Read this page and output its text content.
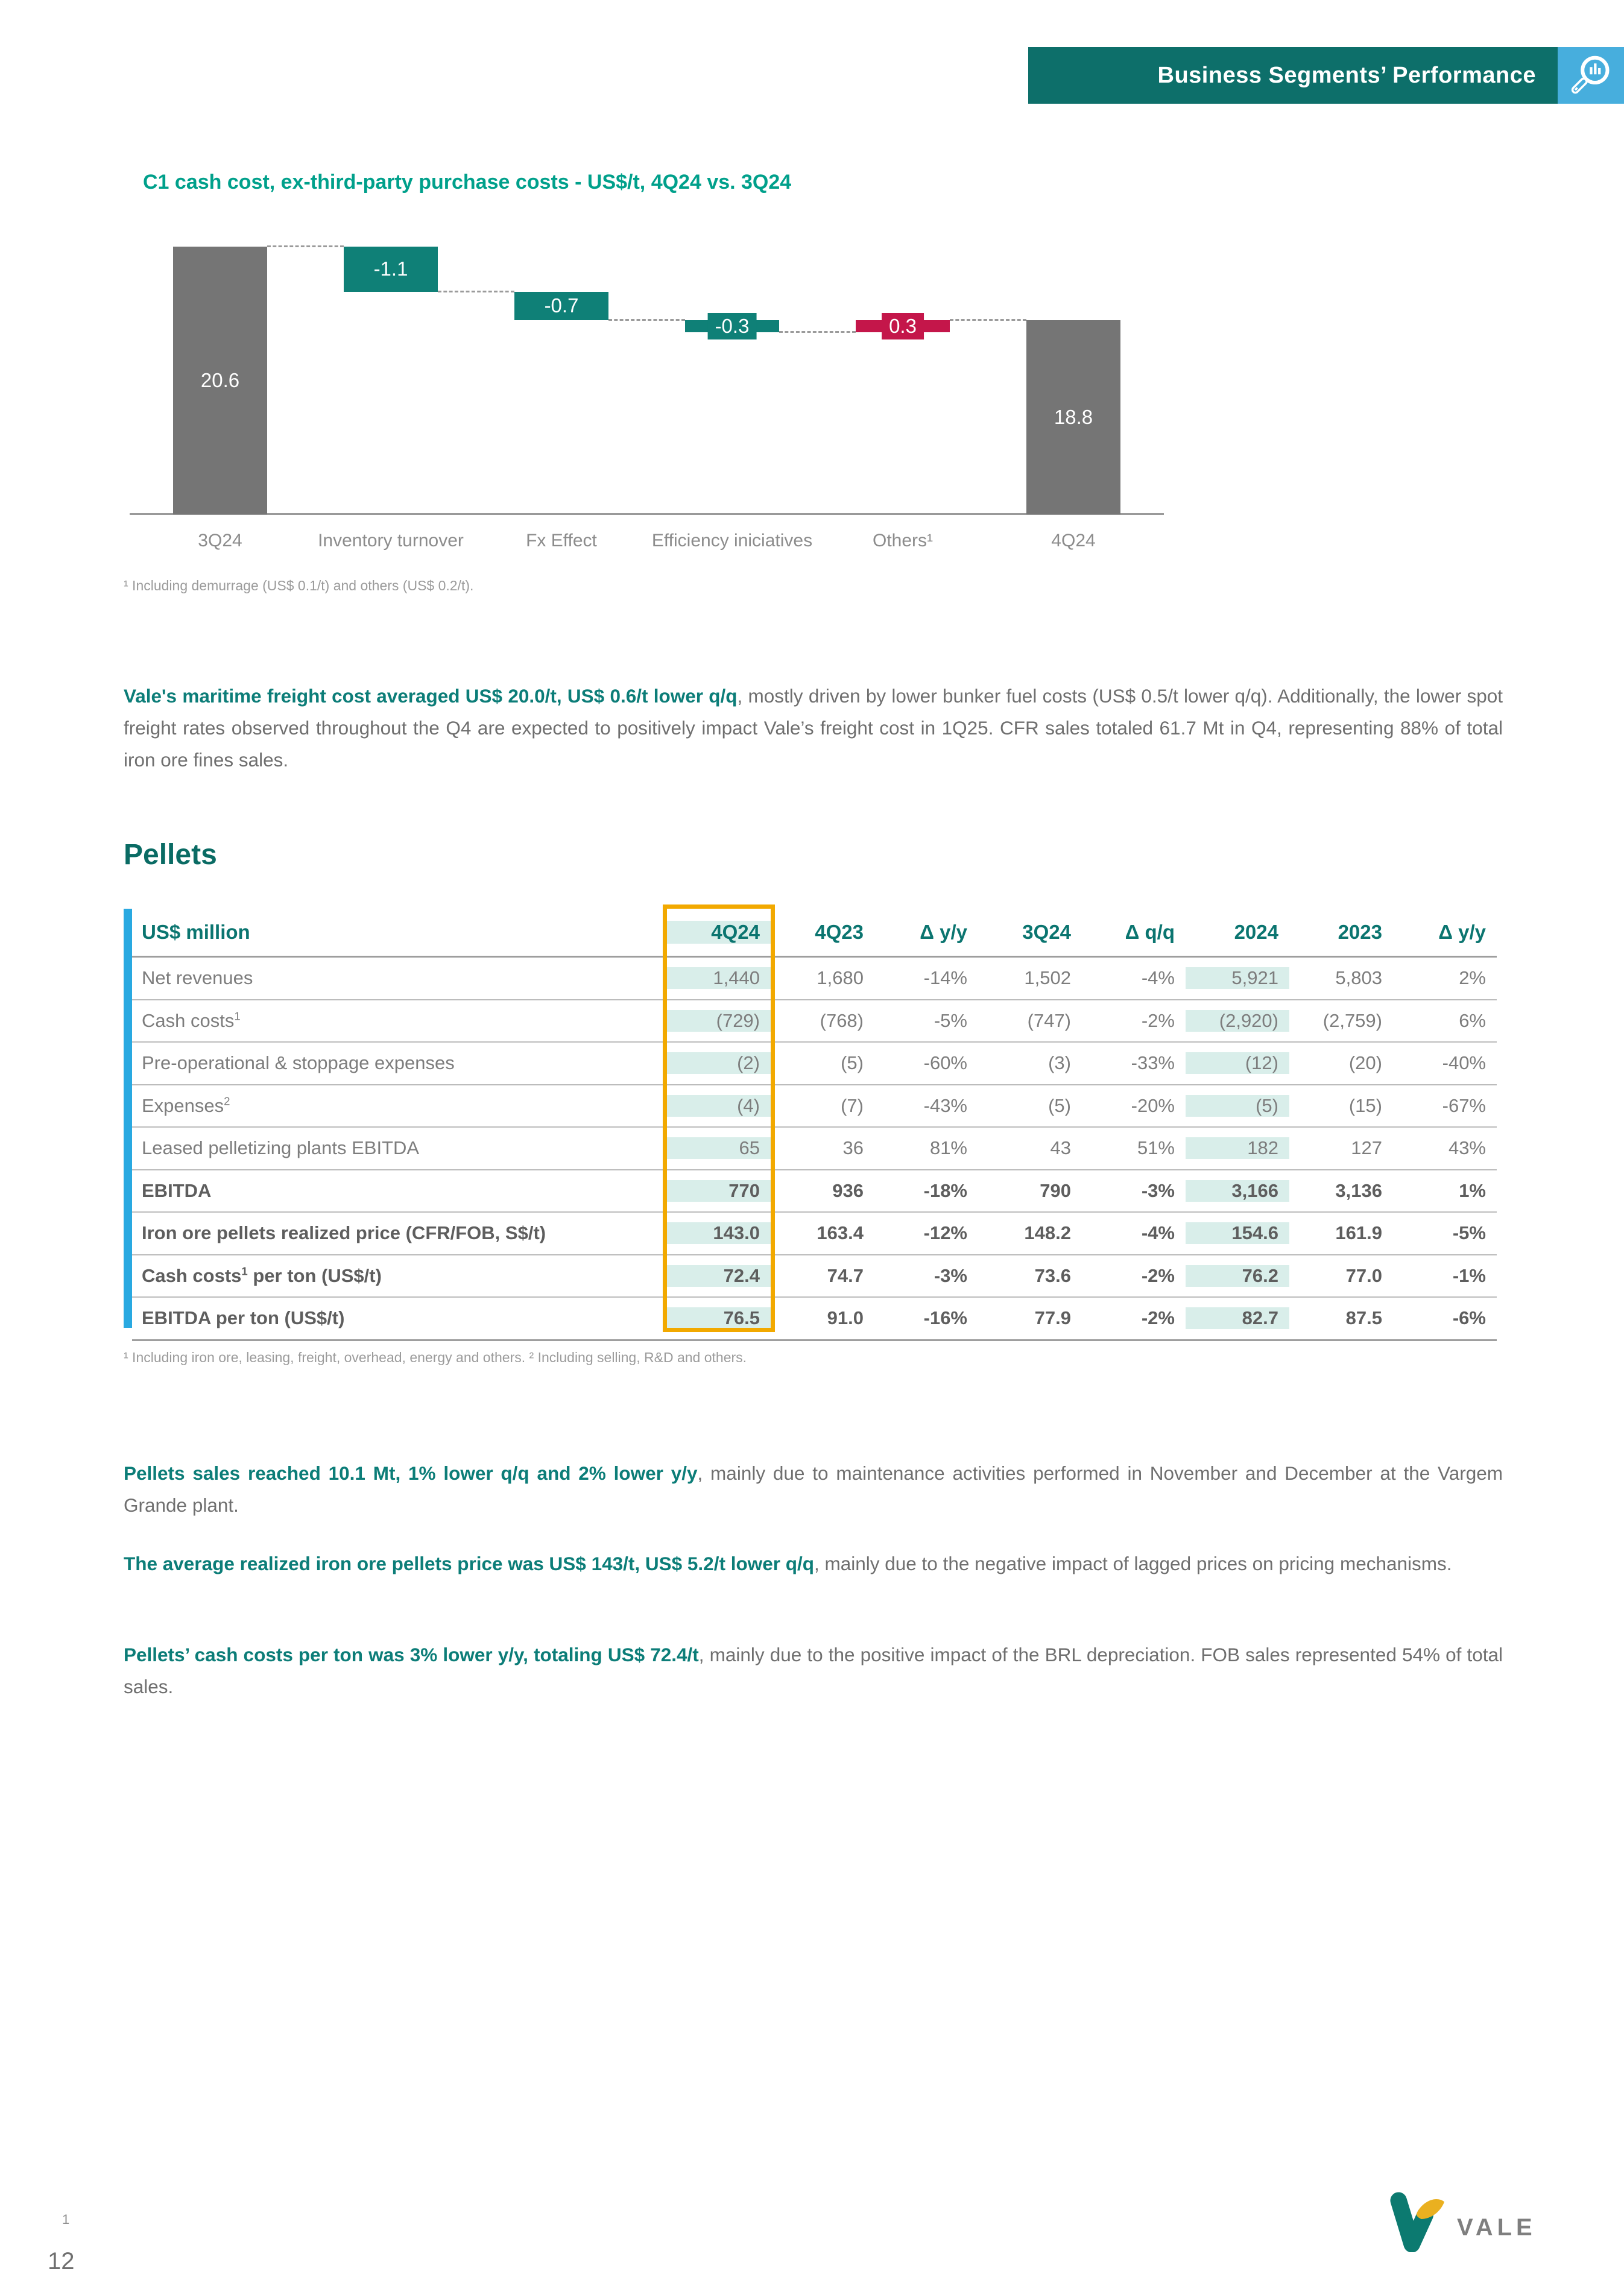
Business Segments’ Performance
C1 cash cost, ex-third-party purchase costs - US$/t, 4Q24 vs. 3Q24
20.6
3Q24
-1.1
Inventory turnover
-0.7
Fx Effect
-0.3
Efficiency iniciatives
0.3
Others¹
18.8
4Q24
¹ Including demurrage (US$ 0.1/t) and others (US$ 0.2/t).

Vale's maritime freight cost averaged US$ 20.0/t, US$ 0.6/t lower q/q, mostly driven by lower bunker fuel costs (US$ 0.5/t lower q/q). Additionally, the lower spot freight rates observed throughout the Q4 are expected to positively impact Vale’s freight cost in 1Q25. CFR sales totaled 61.7 Mt in Q4, representing 88% of total iron ore fines sales.

Pellets
US$ million	4Q24	4Q23	Δ y/y	3Q24	Δ q/q	2024	2023	Δ y/y
Net revenues	1,440	1,680	-14%	1,502	-4%	5,921	5,803	2%
Cash costs$^1$	(729)	(768)	-5%	(747)	-2%	(2,920)	(2,759)	6%
Pre-operational & stoppage expenses	(2)	(5)	-60%	(3)	-33%	(12)	(20)	-40%
Expenses$^2$	(4)	(7)	-43%	(5)	-20%	(5)	(15)	-67%
Leased pelletizing plants EBITDA	65	36	81%	43	51%	182	127	43%
EBITDA	770	936	-18%	790	-3%	3,166	3,136	1%
Iron ore pellets realized price (CFR/FOB, S$/t)	143.0	163.4	-12%	148.2	-4%	154.6	161.9	-5%
Cash costs$^1$ per ton (US$/t)	72.4	74.7	-3%	73.6	-2%	76.2	77.0	-1%
EBITDA per ton (US$/t)	76.5	91.0	-16%	77.9	-2%	82.7	87.5	-6%
¹ Including iron ore, leasing, freight, overhead, energy and others. ² Including selling, R&D and others.

Pellets sales reached 10.1 Mt, 1% lower q/q and 2% lower y/y, mainly due to maintenance activities performed in November and December at the Vargem Grande plant.

The average realized iron ore pellets price was US$ 143/t, US$ 5.2/t lower q/q, mainly due to the negative impact of lagged prices on pricing mechanisms.

Pellets’ cash costs per ton was 3% lower y/y, totaling US$ 72.4/t, mainly due to the positive impact of the BRL depreciation. FOB sales represented 54% of total sales.

1
12
VALE
